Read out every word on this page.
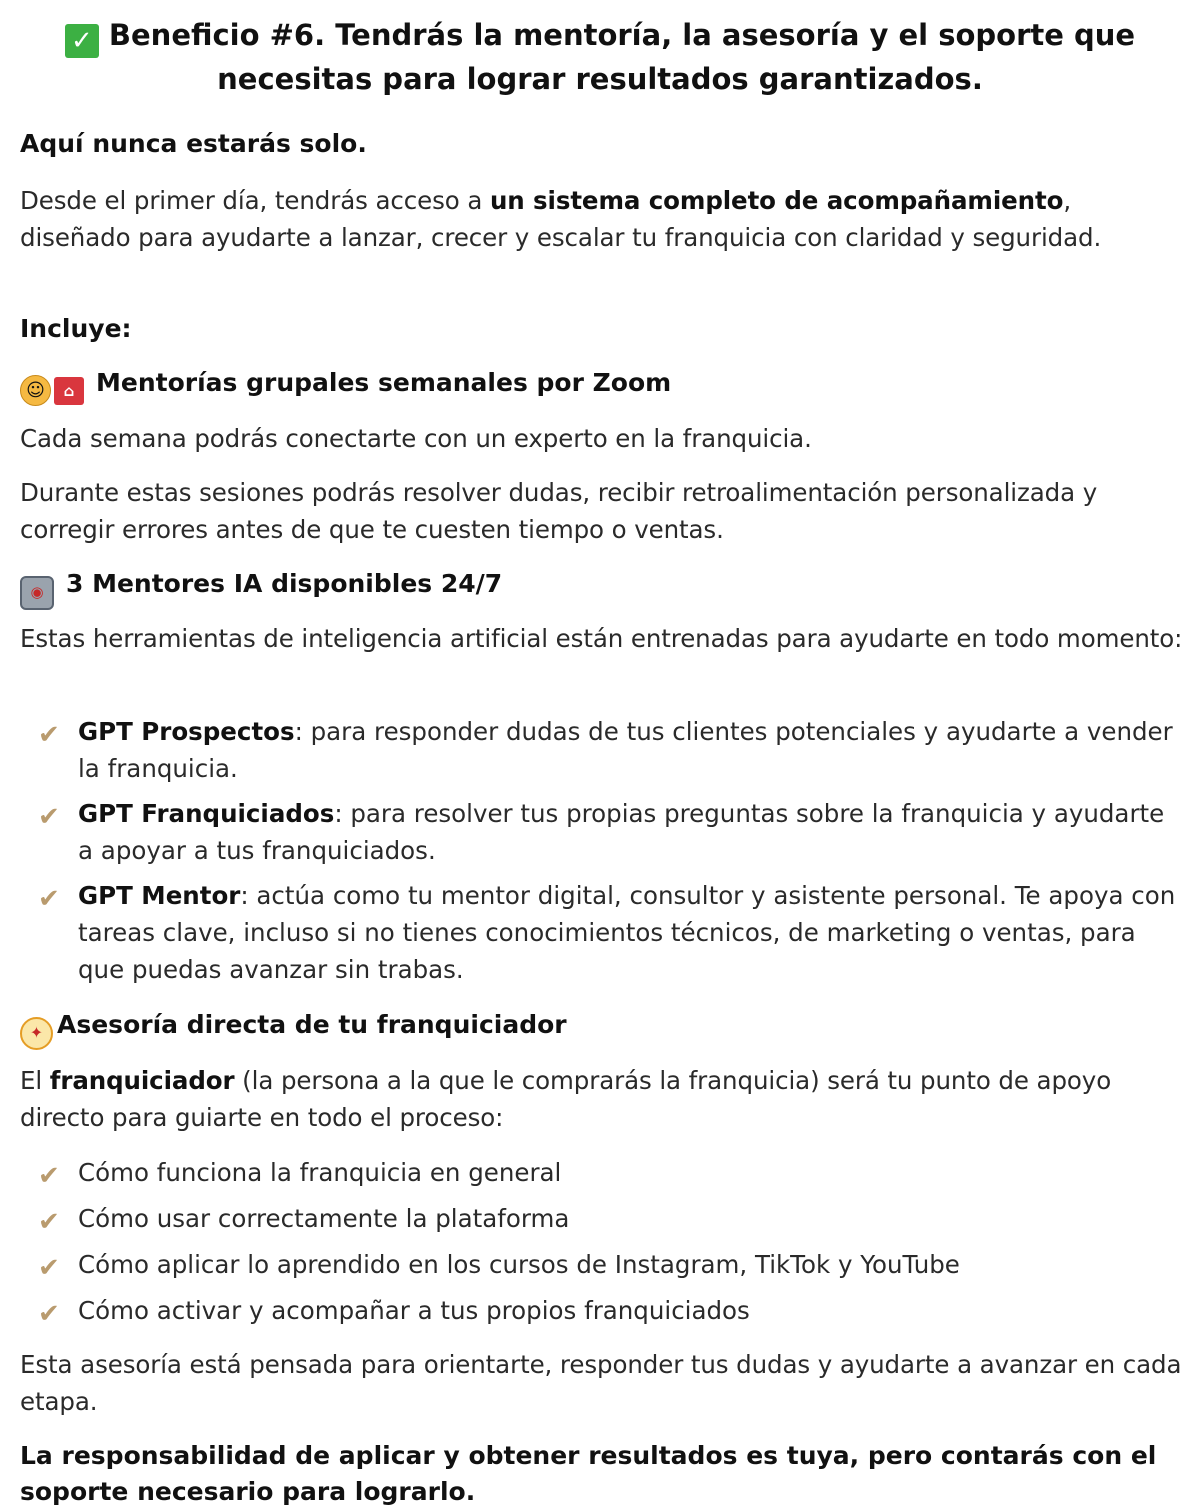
✓ Beneficio #6. Tendrás la mentoría, la asesoría y el soporte que necesitas para lograr resultados garantizados.

Aquí nunca estarás solo.

Desde el primer día, tendrás acceso a un sistema completo de acompañamiento, diseñado para ayudarte a lanzar, crecer y escalar tu franquicia con claridad y seguridad.

Incluye:

☺ ⌂ Mentorías grupales semanales por Zoom

Cada semana podrás conectarte con un experto en la franquicia.

Durante estas sesiones podrás resolver dudas, recibir retroalimentación personalizada y corregir errores antes de que te cuesten tiempo o ventas.

◉ 3 Mentores IA disponibles 24/7

Estas herramientas de inteligencia artificial están entrenadas para ayudarte en todo momento:

✔ GPT Prospectos: para responder dudas de tus clientes potenciales y ayudarte a vender la franquicia.
✔ GPT Franquiciados: para resolver tus propias preguntas sobre la franquicia y ayudarte a apoyar a tus franquiciados.
✔ GPT Mentor: actúa como tu mentor digital, consultor y asistente personal. Te apoya con tareas clave, incluso si no tienes conocimientos técnicos, de marketing o ventas, para que puedas avanzar sin trabas.

✦ Asesoría directa de tu franquiciador

El franquiciador (la persona a la que le comprarás la franquicia) será tu punto de apoyo directo para guiarte en todo el proceso:

✔ Cómo funciona la franquicia en general
✔ Cómo usar correctamente la plataforma
✔ Cómo aplicar lo aprendido en los cursos de Instagram, TikTok y YouTube
✔ Cómo activar y acompañar a tus propios franquiciados

Esta asesoría está pensada para orientarte, responder tus dudas y ayudarte a avanzar en cada etapa.

La responsabilidad de aplicar y obtener resultados es tuya, pero contarás con el soporte necesario para lograrlo.
